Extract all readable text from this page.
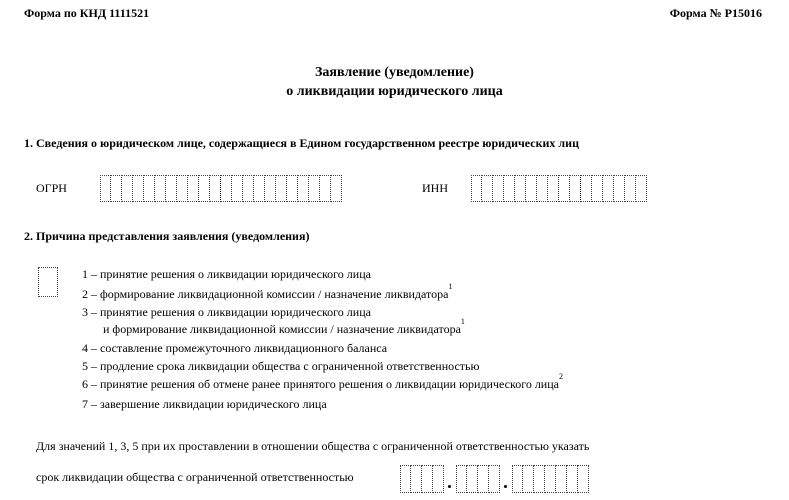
Форма по КНД 1111521	Форма № Р15016
Заявление (уведомление)
о ликвидации юридического лица
1. Сведения о юридическом лице, содержащиеся в Едином государственном реестре юридических лиц
ОГРН	ИНН
2. Причина представления заявления (уведомления)
1 – принятие решения о ликвидации юридического лица
2 – формирование ликвидационной комиссии / назначение ликвидатора$^1$
3 – принятие решения о ликвидации юридического лица
и формирование ликвидационной комиссии / назначение ликвидатора$^1$
4 – составление промежуточного ликвидационного баланса
5 – продление срока ликвидации общества с ограниченной ответственностью
6 – принятие решения об отмене ранее принятого решения о ликвидации юридического лица$^2$
7 – завершение ликвидации юридического лица
Для значений 1, 3, 5 при их проставлении в отношении общества с ограниченной ответственностью указать
срок ликвидации общества с ограниченной ответственностью
